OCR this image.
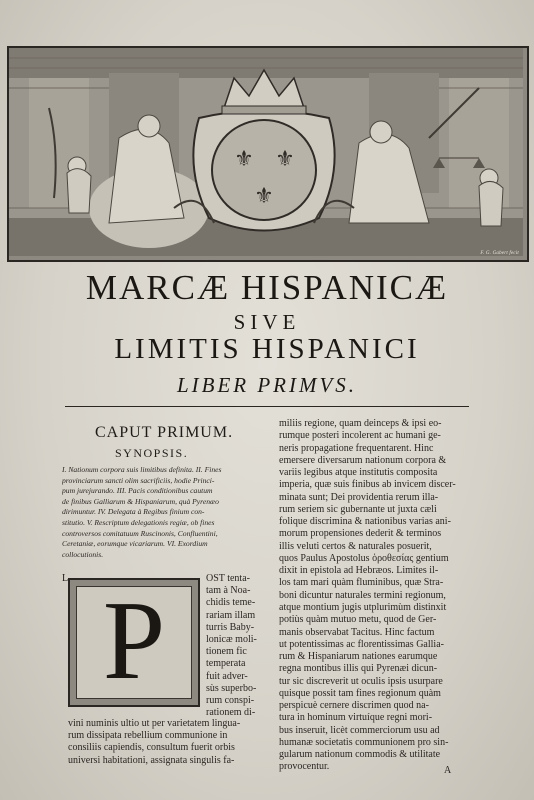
⚜ ⚜
⚜
F. G. Gabert fecit
MARCÆ HISPANICÆ
SIVE
LIMITIS HISPANICI
LIBER PRIMVS.
CAPUT PRIMUM.
SYNOPSIS.
I. Nationum corpora suis limitibus definita. II. Fines
provinciarum sancti olim sacrificiis, hodie Princi-
pum jurejurando. III. Pacis conditionibus cautum
de finibus Galliarum & Hispaniarum, quà Pyrenæo
dirimuntur. IV. Delegata à Regibus finium con-
stitutio. V. Rescriptum delegationis regiæ, ob fines
controversos comitatuum Ruscinonis, Confluentini,
Ceretaniæ, eorumque vicariarum. VI. Exordium
collocutionis.
L
P
OST tenta-
tam à Noa-
chidis teme-
rariam illam
turris Baby-
lonicæ moli-
tionem fic
temperata
fuit adver-
sùs superbo-
rum conspi-
rationem di-
vini numinis ultio ut per varietatem lingua-
rum dissipata rebellium communione in
consiliis capiendis, consultum fuerit orbis
universi habitationi, assignata singulis fa-
miliis regione, quam deinceps & ipsi eo-
rumque posteri incolerent ac humani ge-
neris propagatione frequentarent. Hinc
emersere diversarum nationum corpora &
variis legibus atque institutis composita
imperia, quæ suis finibus ab invicem discer-
minata sunt; Dei providentia rerum illa-
rum seriem sic gubernante ut juxta cæli
folique discrimina & nationibus varias ani-
morum propensiones dederit & terminos
illis veluti certos & naturales posuerit,
quos Paulus Apostolus ὁροθεσίας gentium
dixit in epistola ad Hebræos. Limites il-
los tam mari quàm fluminibus, quæ Stra-
boni dicuntur naturales termini regionum,
atque montium jugis utplurimùm distinxit
potiùs quàm mutuo metu, quod de Ger-
manis observabat Tacitus. Hinc factum
ut potentissimas ac florentissimas Gallia-
rum & Hispaniarum nationes earumque
regna montibus illis qui Pyrenæi dicun-
tur sic discreverit ut oculis ipsis usurpare
quisque possit tam fines regionum quàm
perspicuè cernere discrimen quod na-
tura in hominum virtuíque regni mori-
bus inseruit, licèt commerciorum usu ad
humanæ societatis communionem pro sin-
gularum nationum commodis & utilitate
provocentur.	A
